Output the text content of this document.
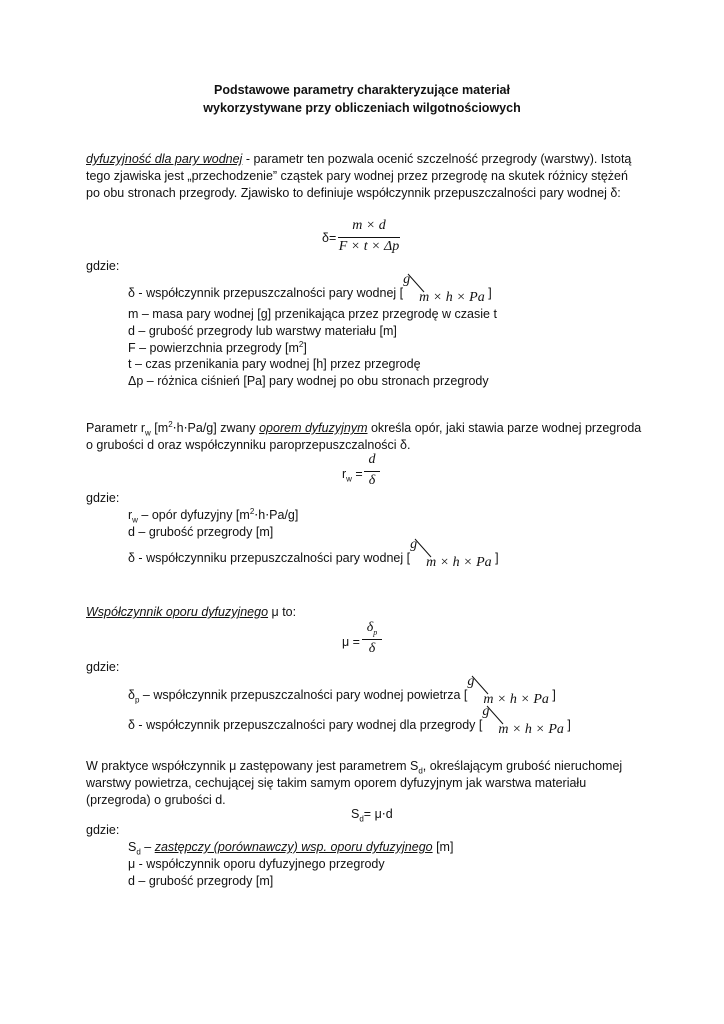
Podstawowe parametry charakteryzujące materiał
wykorzystywane przy obliczeniach wilgotnościowych
dyfuzyjność dla pary wodnej - parametr ten pozwala ocenić szczelność przegrody (warstwy). Istotą
tego zjawiska jest „przechodzenie” cząstek pary wodnej przez przegrodę na skutek różnicy stężeń
po obu stronach przegrody. Zjawisko to definiuje współczynnik przepuszczalności pary wodnej δ:
δ=
m × d
F × t × Δp
gdzie:
δ - współczynnik przepuszczalności pary wodnej [
g
m × h × Pa ]
m – masa pary wodnej [g] przenikająca przez przegrodę w czasie t
d – grubość przegrody lub warstwy materiału [m]
F – powierzchnia przegrody $[m^2]$
t – czas przenikania pary wodnej [h] przez przegrodę
Δp – różnica ciśnień [Pa] pary wodnej po obu stronach przegrody
Parametr $r_w$ $[m^2\cdot h\cdot Pa/g]$ zwany oporem dyfuzyjnym określa opór, jaki stawia parze wodnej przegroda
o grubości d oraz współczynniku paroprzepuszczalności δ.
$r_w$ =
d
δ
gdzie:
$r_w$ – opór dyfuzyjny $[m^2\cdot h\cdot Pa/g]$
d – grubość przegrody [m]
δ - współczynniku przepuszczalności pary wodnej [
g
m × h × Pa ]
Współczynnik oporu dyfuzyjnego μ to:
μ =
$\delta_p$
δ
gdzie:
$\delta_p$ – współczynnik przepuszczalności pary wodnej powietrza [
g
m × h × Pa ]
δ - współczynnik przepuszczalności pary wodnej dla przegrody [
g
m × h × Pa ]
W praktyce współczynnik μ zastępowany jest parametrem $S_d$, określającym grubość nieruchomej
warstwy powietrza, cechującej się takim samym oporem dyfuzyjnym jak warstwa materiału
(przegroda) o grubości d.
$S_d= \mu\cdot d$
gdzie:
$S_d$ – zastępczy (porównawczy) wsp. oporu dyfuzyjnego [m]
μ - współczynnik oporu dyfuzyjnego przegrody
d – grubość przegrody [m]
